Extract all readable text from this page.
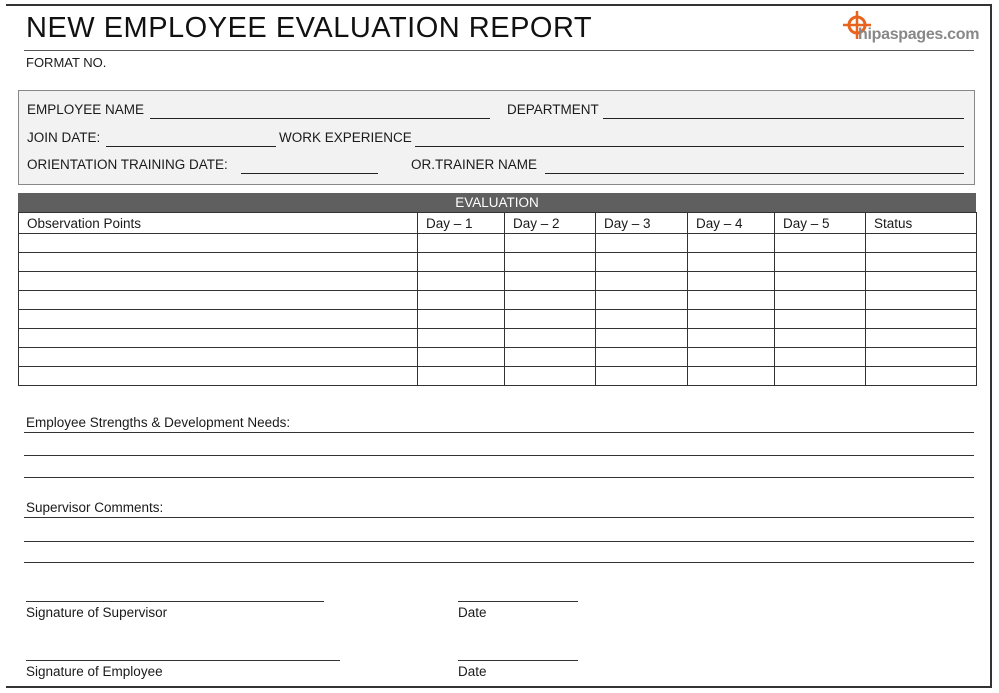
NEW EMPLOYEE EVALUATION REPORT
FORMAT NO.
hipaspages.com
EMPLOYEE NAME	DEPARTMENT
JOIN DATE:	WORK EXPERIENCE
ORIENTATION TRAINING DATE:	OR.TRAINER NAME
EVALUATION
Observation Points	Day – 1	Day – 2	Day – 3	Day – 4	Day – 5	Status

Employee Strengths & Development Needs:
Supervisor Comments:
Signature of Supervisor	Date
Signature of Employee	Date
